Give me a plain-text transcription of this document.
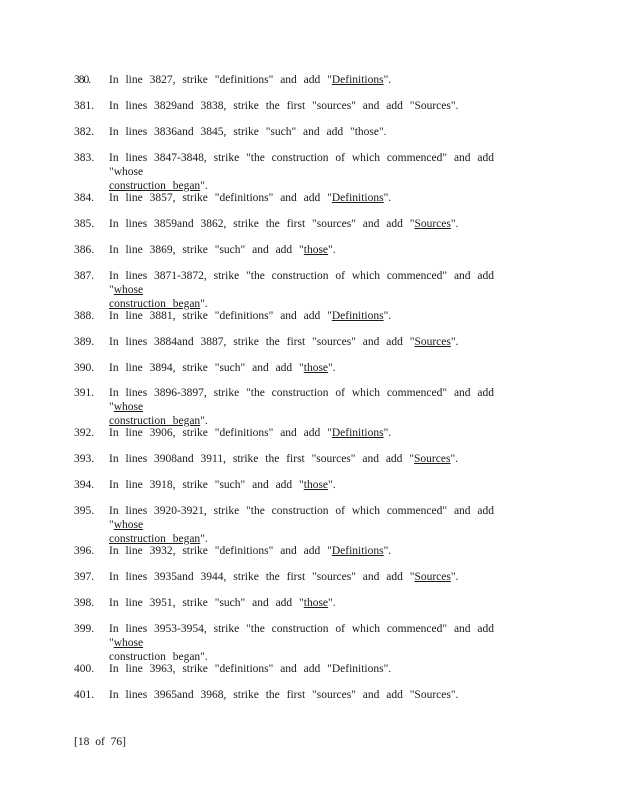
380.	In line 3827, strike "definitions" and add "Definitions".
381.	In lines 3829and 3838, strike the first "sources" and add "Sources".
382.	In lines 3836and 3845, strike "such" and add "those".
383.	In lines 3847-3848, strike "the construction of which commenced" and add "whose
construction began".
384.	In line 3857, strike "definitions" and add "Definitions".
385.	In lines 3859and 3862, strike the first "sources" and add "Sources".
386.	In line 3869, strike "such" and add "those".
387.	In lines 3871-3872, strike "the construction of which commenced" and add "whose
construction began".
388.	In line 3881, strike "definitions" and add "Definitions".
389.	In lines 3884and 3887, strike the first "sources" and add "Sources".
390.	In line 3894, strike "such" and add "those".
391.	In lines 3896-3897, strike "the construction of which commenced" and add "whose
construction began".
392.	In line 3906, strike "definitions" and add "Definitions".
393.	In lines 3908and 3911, strike the first "sources" and add "Sources".
394.	In line 3918, strike "such" and add "those".
395.	In lines 3920-3921, strike "the construction of which commenced" and add "whose
construction began".
396.	In line 3932, strike "definitions" and add "Definitions".
397.	In lines 3935and 3944, strike the first "sources" and add "Sources".
398.	In line 3951, strike "such" and add "those".
399.	In lines 3953-3954, strike "the construction of which commenced" and add "whose
construction began".
400.	In line 3963, strike "definitions" and add "Definitions".
401.	In lines 3965and 3968, strike the first "sources" and add "Sources".
[18 of 76]
